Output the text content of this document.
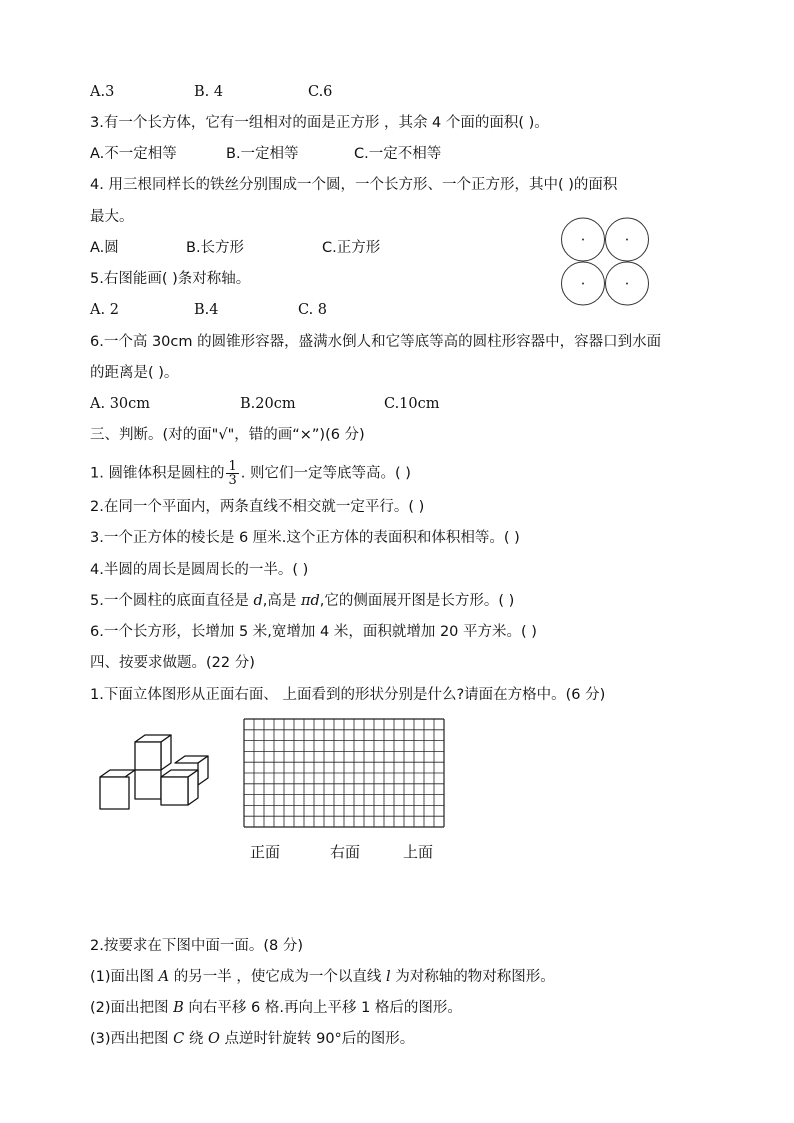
A.3	B. 4	C.6
3.有一个长方体，它有一组相对的面是正方形 ，其余 4 个面的面积( )。
A.不一定相等	B.一定相等	C.一定不相等
4. 用三根同样长的铁丝分别围成一个圆，一个长方形、一个正方形，其中( )的面积
最大。
A.圆	B.长方形	C.正方形
5.右图能画( )条对称轴。
A. 2	B.4	C. 8
6.一个高 30cm 的圆锥形容器，盛满水倒人和它等底等高的圆柱形容器中，容器口到水面
的距离是( )。
A. 30cm	B.20cm	C.10cm
三、判断。(对的面"√"，错的画“×”)(6 分)
1. 圆锥体积是圆柱的 $\frac{1}{3}$ . 则它们一定等底等高。( )
2.在同一个平面内，两条直线不相交就一定平行。( )
3.一个正方体的棱长是 6 厘米.这个正方体的表面积和体积相等。( )
4.半圆的周长是圆周长的一半。( )
5.一个圆柱的底面直径是 d,高是 πd,它的侧面展开图是长方形。( )
6.一个长方形，长增加 5 米,宽增加 4 米，面积就增加 20 平方米。( )
四、按要求做题。(22 分)
1.下面立体图形从正面右面、 上面看到的形状分别是什么?请面在方格中。(6 分)
正面	右面	上面
2.按要求在下图中面一面。(8 分)
(1)面出图 A 的另一半 ，使它成为一个以直线 l 为对称轴的物对称图形。
(2)面出把图 B 向右平移 6 格.再向上平移 1 格后的图形。
(3)西出把图 C 绕 O 点逆时针旋转 90°后的图形。
